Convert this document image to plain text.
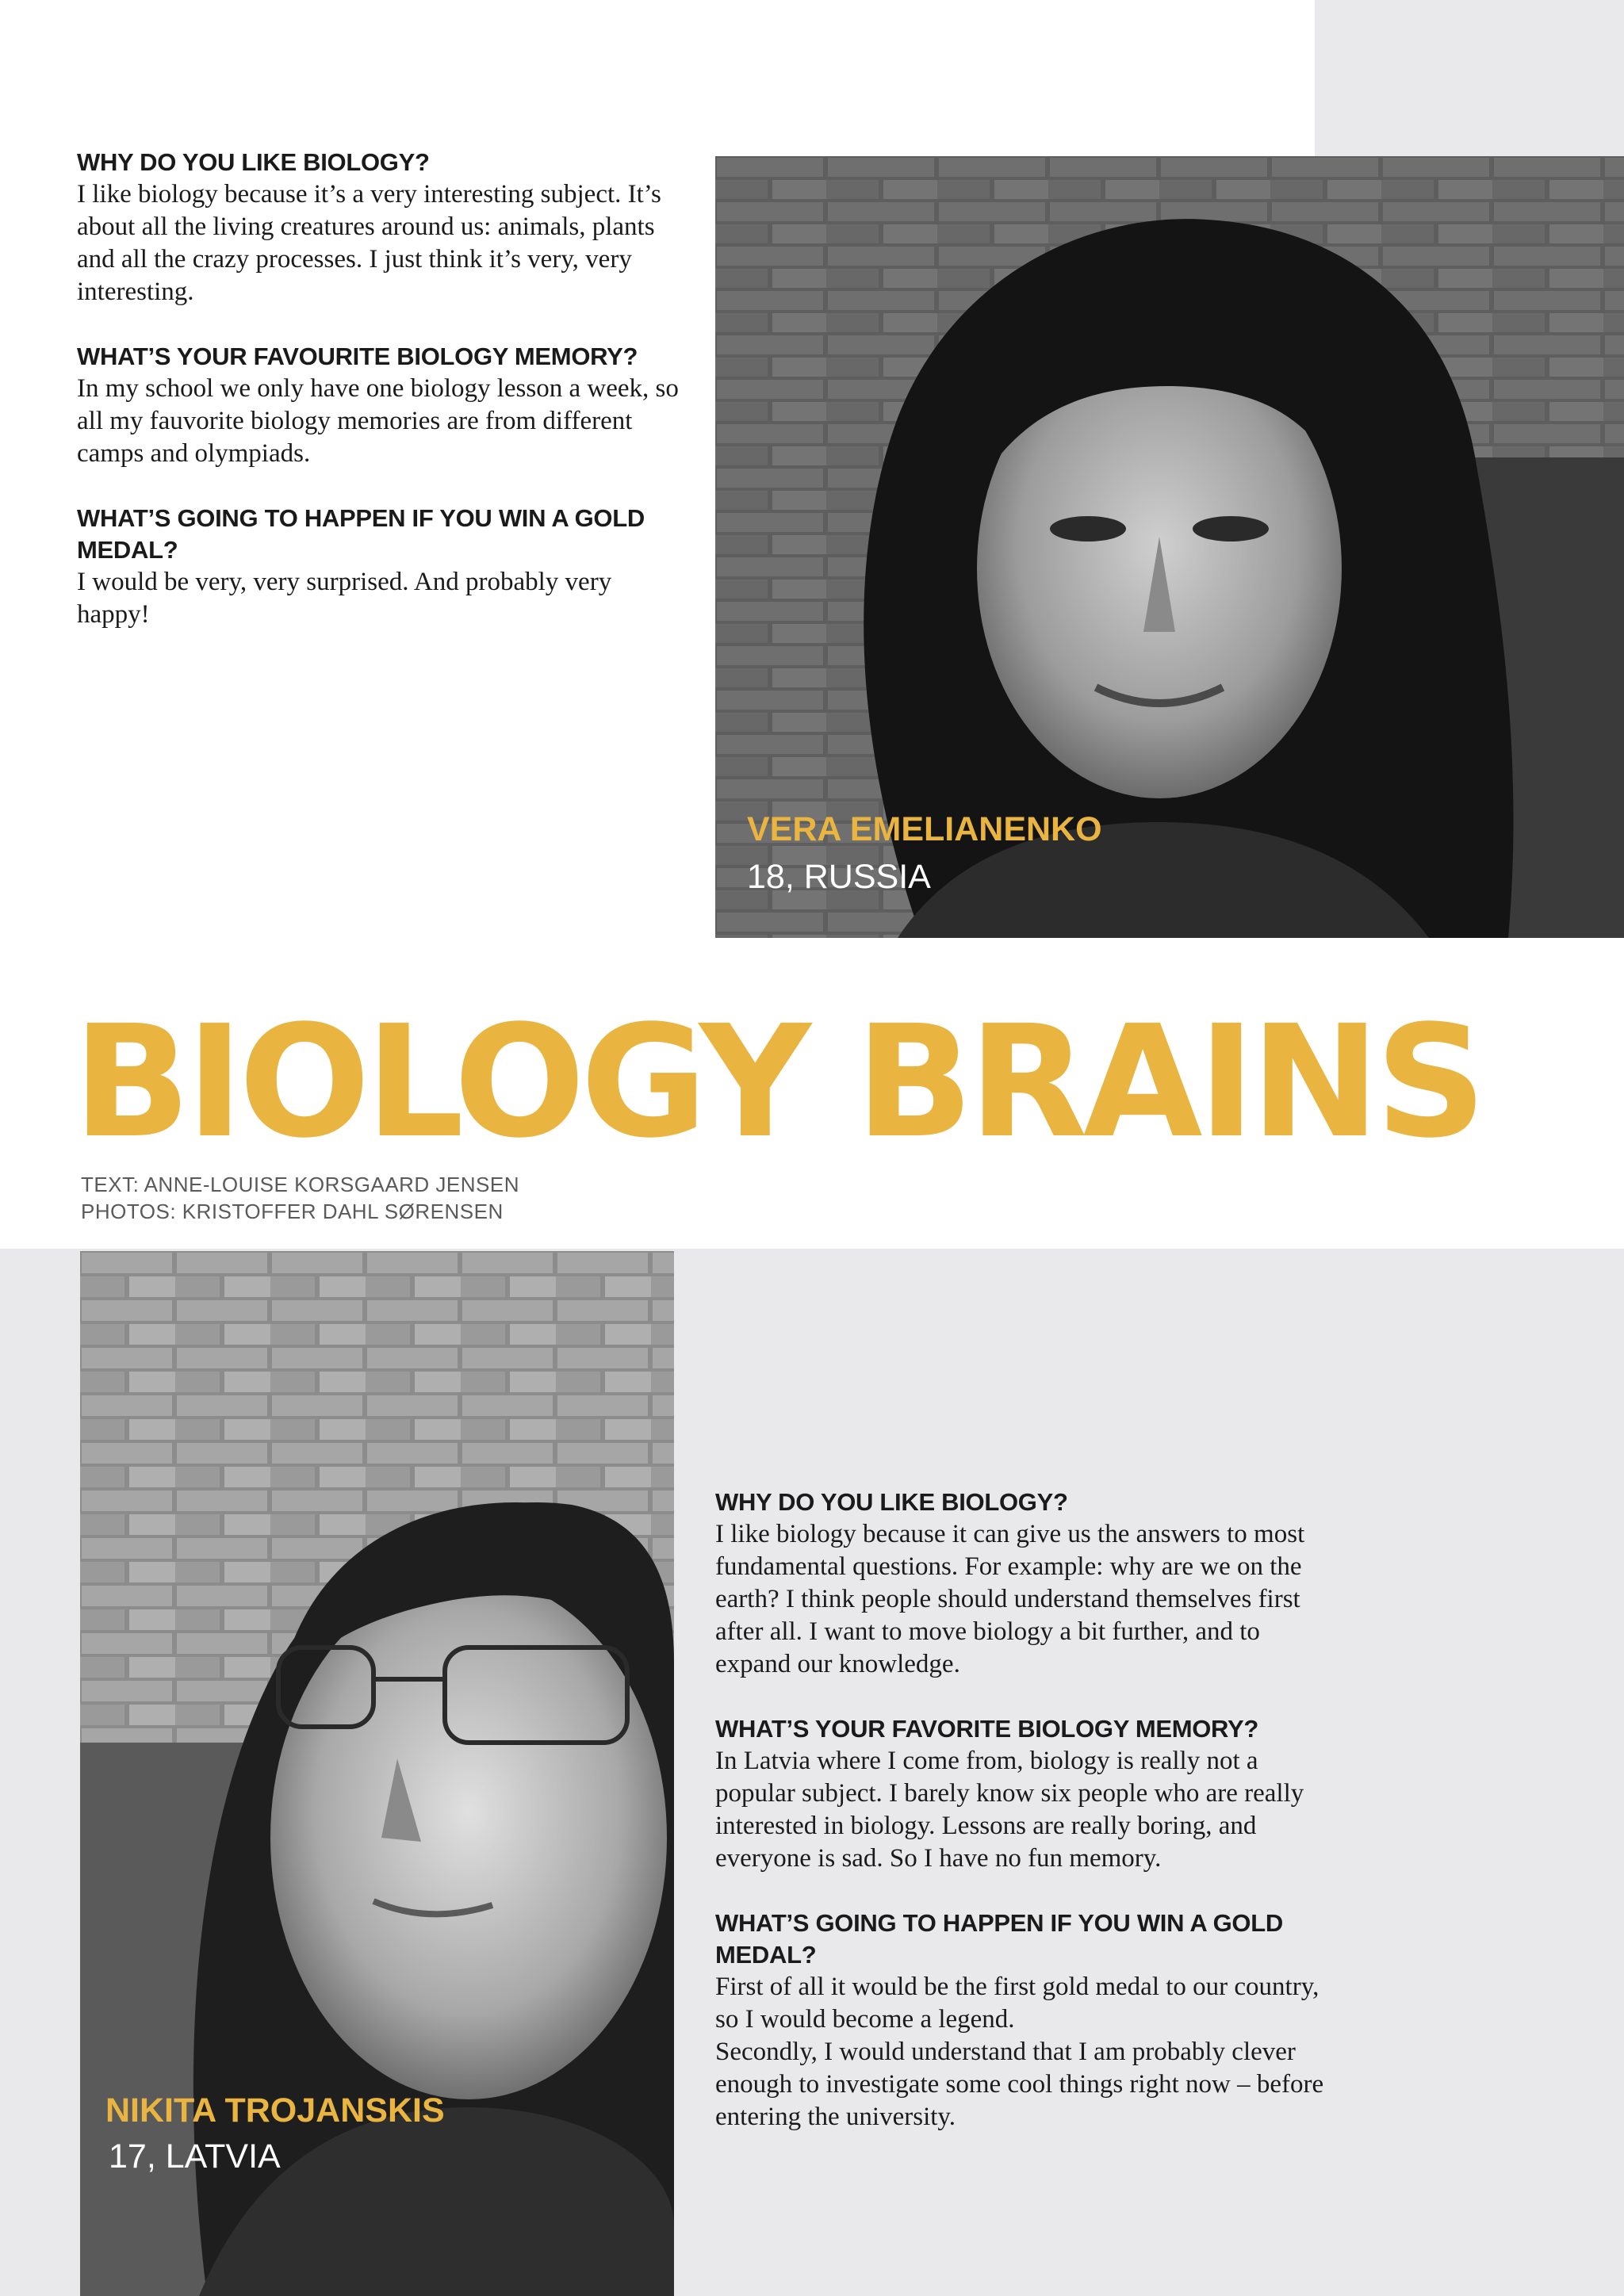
WHY DO YOU LIKE BIOLOGY?

I like biology because it’s a very interesting subject. It’s about all the living creatures around us: animals, plants and all the crazy processes. I just think it’s very, very interesting.

WHAT’S YOUR FAVOURITE BIOLOGY MEMORY?

In my school we only have one biology lesson a week, so all my fauvorite biology memories are from different camps and olympiads.

WHAT’S GOING TO HAPPEN IF YOU WIN A GOLD MEDAL?

I would be very, very surprised. And probably very happy!

VERA EMELIANENKO
18, RUSSIA
BIOLOGY BRAINS
TEXT: ANNE-LOUISE KORSGAARD JENSEN
PHOTOS: KRISTOFFER DAHL SØRENSEN
NIKITA TROJANSKIS
17, LATVIA
WHY DO YOU LIKE BIOLOGY?

I like biology because it can give us the answers to most fundamental questions. For example: why are we on the earth? I think people should understand themselves first after all. I want to move biology a bit further, and to expand our knowledge.

WHAT’S YOUR FAVORITE BIOLOGY MEMORY?

In Latvia where I come from, biology is really not a popular subject. I barely know six people who are really interested in biology. Lessons are really boring, and everyone is sad. So I have no fun memory.

WHAT’S GOING TO HAPPEN IF YOU WIN A GOLD MEDAL?

First of all it would be the first gold medal to our country, so I would become a legend.

Secondly, I would understand that I am probably clever enough to investigate some cool things right now – before entering the university.
